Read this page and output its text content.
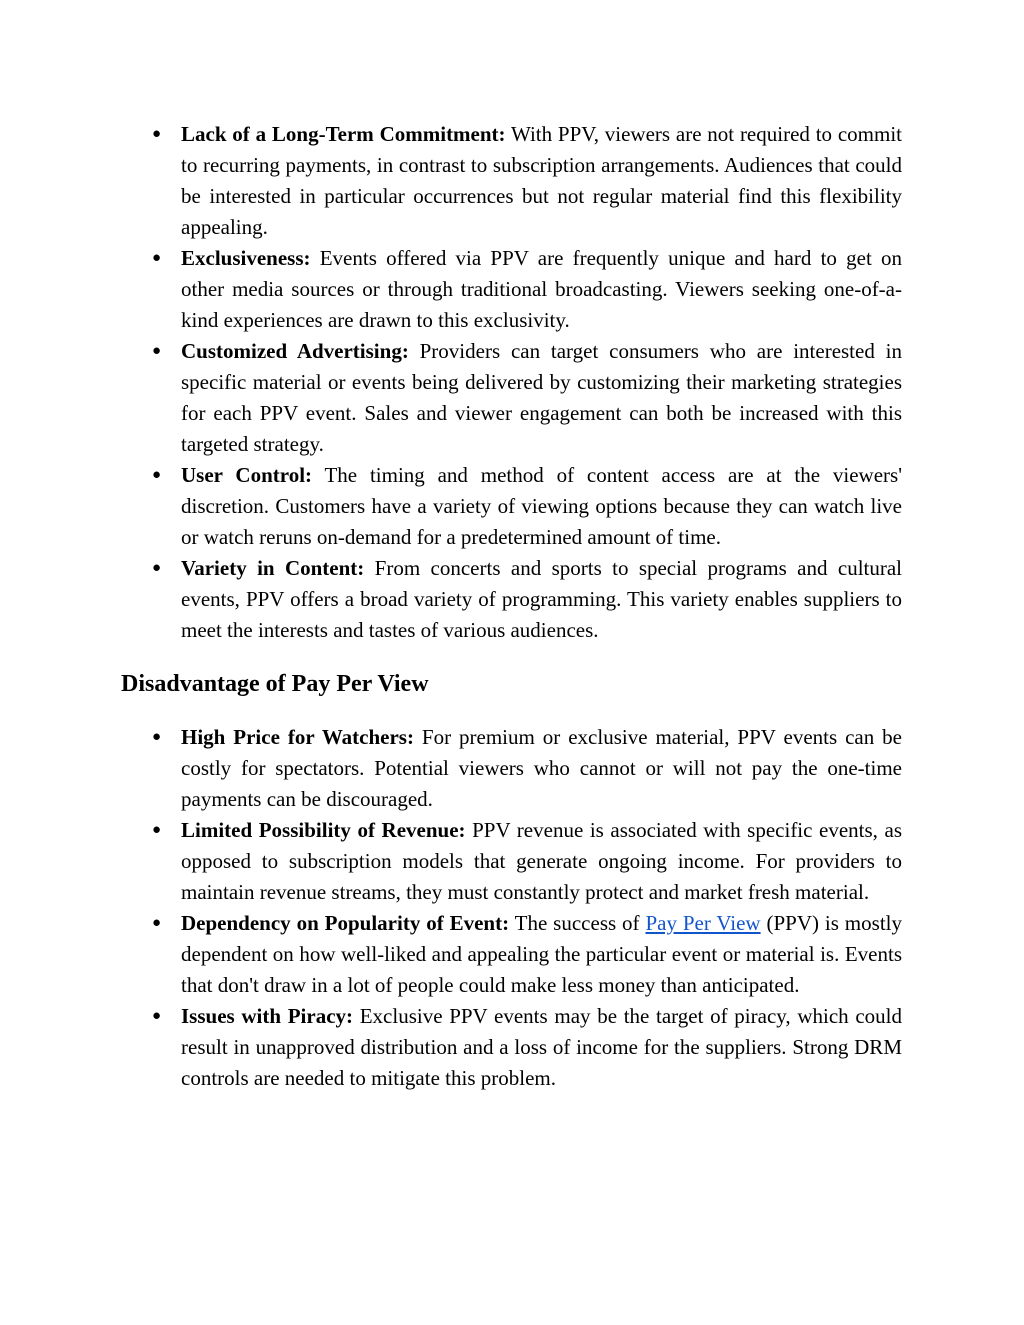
● Lack of a Long-Term Commitment: With PPV, viewers are not required to commit to recurring payments, in contrast to subscription arrangements. Audiences that could be interested in particular occurrences but not regular material find this flexibility appealing.
● Exclusiveness: Events offered via PPV are frequently unique and hard to get on other media sources or through traditional broadcasting. Viewers seeking one-of-a-kind experiences are drawn to this exclusivity.
● Customized Advertising: Providers can target consumers who are interested in specific material or events being delivered by customizing their marketing strategies for each PPV event. Sales and viewer engagement can both be increased with this targeted strategy.
● User Control: The timing and method of content access are at the viewers' discretion. Customers have a variety of viewing options because they can watch live or watch reruns on-demand for a predetermined amount of time.
● Variety in Content: From concerts and sports to special programs and cultural events, PPV offers a broad variety of programming. This variety enables suppliers to meet the interests and tastes of various audiences.
Disadvantage of Pay Per View
● High Price for Watchers: For premium or exclusive material, PPV events can be costly for spectators. Potential viewers who cannot or will not pay the one-time payments can be discouraged.
● Limited Possibility of Revenue: PPV revenue is associated with specific events, as opposed to subscription models that generate ongoing income. For providers to maintain revenue streams, they must constantly protect and market fresh material.
● Dependency on Popularity of Event: The success of Pay Per View (PPV) is mostly dependent on how well-liked and appealing the particular event or material is. Events that don't draw in a lot of people could make less money than anticipated.
● Issues with Piracy: Exclusive PPV events may be the target of piracy, which could result in unapproved distribution and a loss of income for the suppliers. Strong DRM controls are needed to mitigate this problem.
